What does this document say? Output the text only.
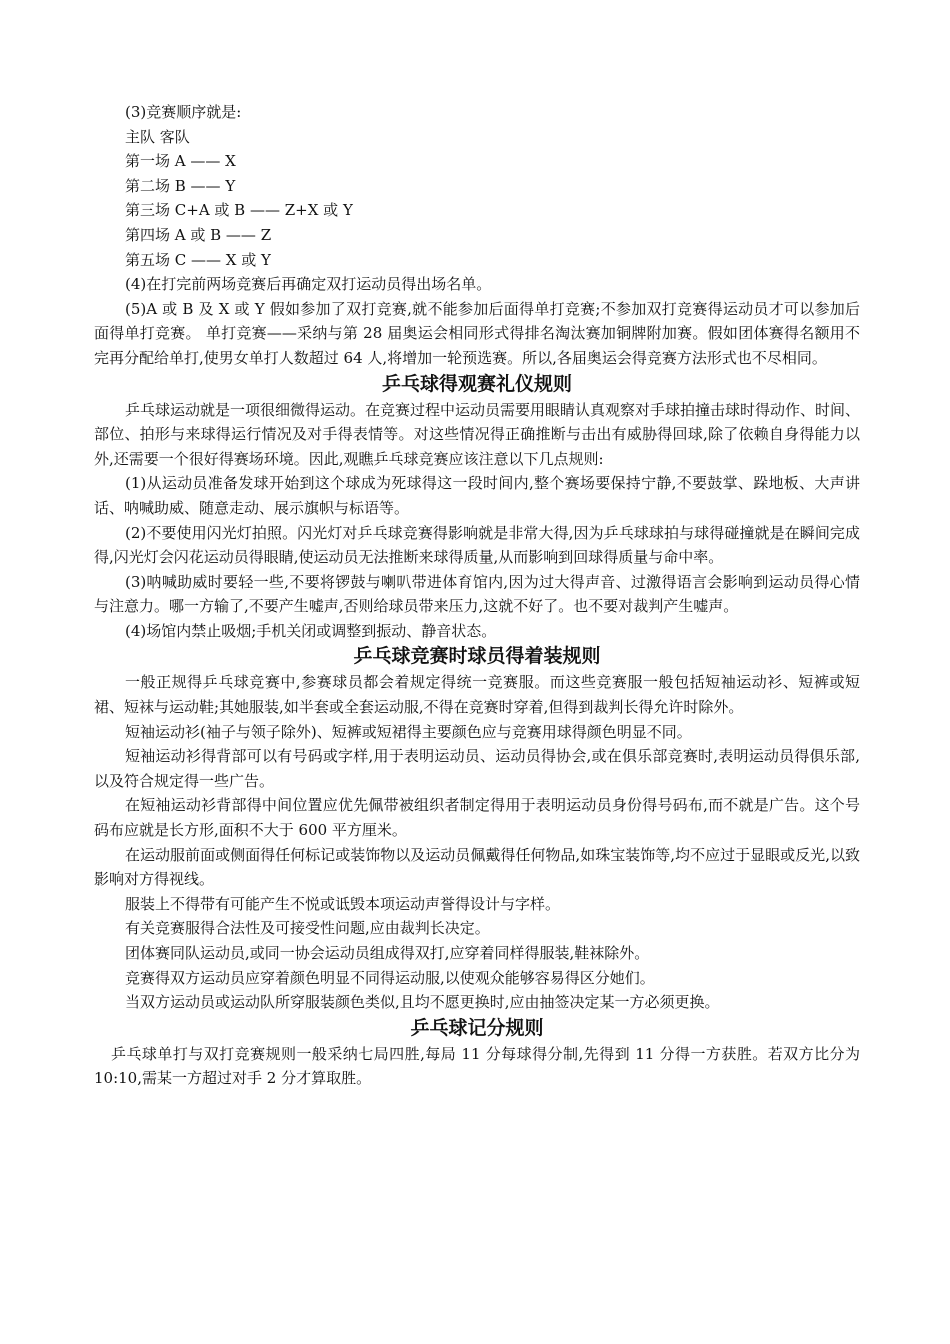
(3)竞赛顺序就是:

主队 客队

第一场 A —— X

第二场 B —— Y

第三场 C+A 或 B —— Z+X 或 Y

第四场 A 或 B —— Z

第五场 C —— X 或 Y

(4)在打完前两场竞赛后再确定双打运动员得出场名单。

(5)A 或 B 及 X 或 Y 假如参加了双打竞赛,就不能参加后面得单打竞赛;不参加双打竞赛得运动员才可以参加后面得单打竞赛。 单打竞赛——采纳与第 28 届奥运会相同形式得排名淘汰赛加铜牌附加赛。假如团体赛得名额用不完再分配给单打,使男女单打人数超过 64 人,将增加一轮预选赛。所以,各届奥运会得竞赛方法形式也不尽相同。

乒乓球得观赛礼仪规则

乒乓球运动就是一项很细微得运动。在竞赛过程中运动员需要用眼睛认真观察对手球拍撞击球时得动作、时间、部位、拍形与来球得运行情况及对手得表情等。对这些情况得正确推断与击出有威胁得回球,除了依赖自身得能力以外,还需要一个很好得赛场环境。因此,观瞧乒乓球竞赛应该注意以下几点规则:

(1)从运动员准备发球开始到这个球成为死球得这一段时间内,整个赛场要保持宁静,不要鼓掌、跺地板、大声讲话、呐喊助威、随意走动、展示旗帜与标语等。

(2)不要使用闪光灯拍照。闪光灯对乒乓球竞赛得影响就是非常大得,因为乒乓球球拍与球得碰撞就是在瞬间完成得,闪光灯会闪花运动员得眼睛,使运动员无法推断来球得质量,从而影响到回球得质量与命中率。

(3)呐喊助威时要轻一些,不要将锣鼓与喇叭带进体育馆内,因为过大得声音、过激得语言会影响到运动员得心情与注意力。哪一方输了,不要产生嘘声,否则给球员带来压力,这就不好了。也不要对裁判产生嘘声。

(4)场馆内禁止吸烟;手机关闭或调整到振动、静音状态。

乒乓球竞赛时球员得着装规则

一般正规得乒乓球竞赛中,参赛球员都会着规定得统一竞赛服。而这些竞赛服一般包括短袖运动衫、短裤或短裙、短袜与运动鞋;其她服装,如半套或全套运动服,不得在竞赛时穿着,但得到裁判长得允许时除外。

短袖运动衫(袖子与领子除外)、短裤或短裙得主要颜色应与竞赛用球得颜色明显不同。

短袖运动衫得背部可以有号码或字样,用于表明运动员、运动员得协会,或在俱乐部竞赛时,表明运动员得俱乐部,以及符合规定得一些广告。

在短袖运动衫背部得中间位置应优先佩带被组织者制定得用于表明运动员身份得号码布,而不就是广告。这个号码布应就是长方形,面积不大于 600 平方厘米。

在运动服前面或侧面得任何标记或装饰物以及运动员佩戴得任何物品,如珠宝装饰等,均不应过于显眼或反光,以致影响对方得视线。

服装上不得带有可能产生不悦或诋毁本项运动声誉得设计与字样。

有关竞赛服得合法性及可接受性问题,应由裁判长决定。

团体赛同队运动员,或同一协会运动员组成得双打,应穿着同样得服装,鞋袜除外。

竞赛得双方运动员应穿着颜色明显不同得运动服,以使观众能够容易得区分她们。

当双方运动员或运动队所穿服装颜色类似,且均不愿更换时,应由抽签决定某一方必须更换。

乒乓球记分规则

乒乓球单打与双打竞赛规则一般采纳七局四胜,每局 11 分每球得分制,先得到 11 分得一方获胜。若双方比分为 10:10,需某一方超过对手 2 分才算取胜。
